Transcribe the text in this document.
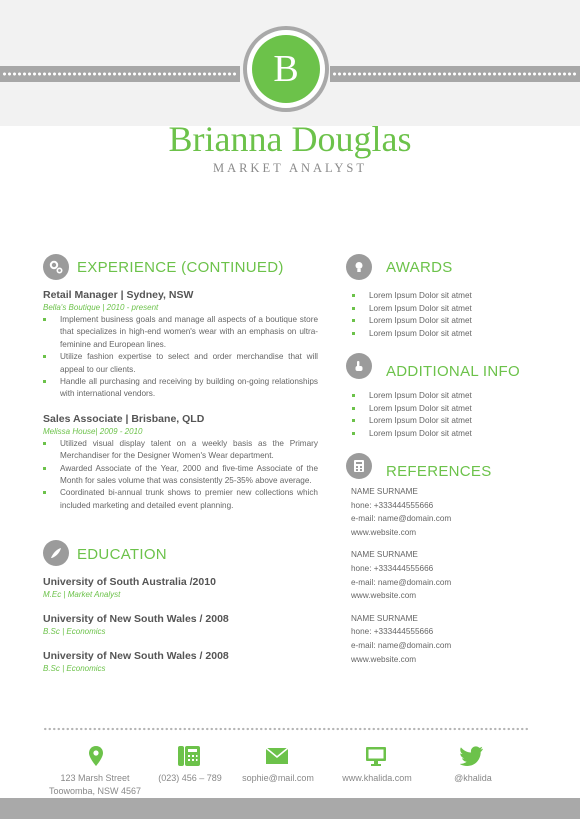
B
Brianna Douglas
MARKET ANALYST
EXPERIENCE (CONTINUED)
Retail Manager | Sydney, NSW
Bella's Boutique | 2010 - present
Implement business goals and manage all aspects of a boutique store that specializes in high-end women's wear with an emphasis on ultra-feminine and European lines.
Utilize fashion expertise to select and order merchandise that will appeal to our clients.
Handle all purchasing and receiving by building on-going relationships with international vendors.
Sales Associate | Brisbane, QLD
Melissa House| 2009 - 2010
Utilized visual display talent on a weekly basis as the Primary Merchandiser for the Designer Women's Wear department.
Awarded Associate of the Year, 2000 and five-time Associate of the Month for sales volume that was consistently 25-35% above average.
Coordinated bi-annual trunk shows to premier new collections which included marketing and detailed event planning.
EDUCATION
University of South Australia /2010
M.Ec | Market Analyst
University of New South Wales / 2008
B.Sc | Economics
University of New South Wales / 2008
B.Sc | Economics
AWARDS
Lorem Ipsum Dolor sit atmet
Lorem Ipsum Dolor sit atmet
Lorem Ipsum Dolor sit atmet
Lorem Ipsum Dolor sit atmet
ADDITIONAL INFO
Lorem Ipsum Dolor sit atmet
Lorem Ipsum Dolor sit atmet
Lorem Ipsum Dolor sit atmet
Lorem Ipsum Dolor sit atmet
REFERENCES
NAME SURNAME
hone: +333444555666
e-mail: name@domain.com
www.website.com
NAME SURNAME
hone: +333444555666
e-mail: name@domain.com
www.website.com
NAME SURNAME
hone: +333444555666
e-mail: name@domain.com
www.website.com
123 Marsh Street
Toowomba, NSW 4567
(023) 456 – 789	sophie@mail.com	www.khalida.com	@khalida
